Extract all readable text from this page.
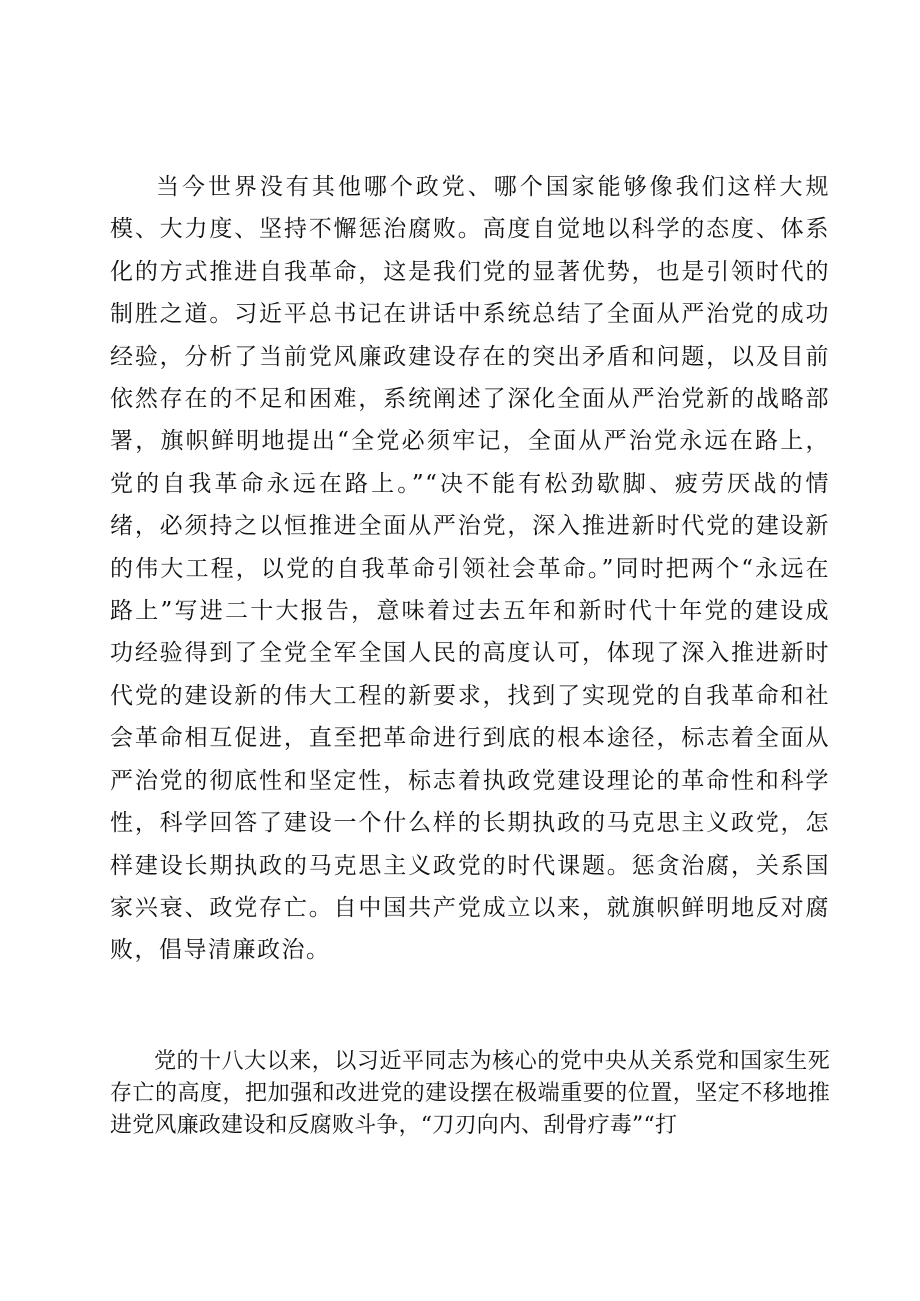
当今世界没有其他哪个政党、哪个国家能够像我们这样大规模、大力度、坚持不懈惩治腐败。高度自觉地以科学的态度、体系化的方式推进自我革命，这是我们党的显著优势，也是引领时代的制胜之道。习近平总书记在讲话中系统总结了全面从严治党的成功经验，分析了当前党风廉政建设存在的突出矛盾和问题，以及目前依然存在的不足和困难，系统阐述了深化全面从严治党新的战略部署，旗帜鲜明地提出“全党必须牢记，全面从严治党永远在路上，党的自我革命永远在路上。”“决不能有松劲歇脚、疲劳厌战的情绪，必须持之以恒推进全面从严治党，深入推进新时代党的建设新的伟大工程，以党的自我革命引领社会革命。”同时把两个“永远在路上”写进二十大报告，意味着过去五年和新时代十年党的建设成功经验得到了全党全军全国人民的高度认可，体现了深入推进新时代党的建设新的伟大工程的新要求，找到了实现党的自我革命和社会革命相互促进，直至把革命进行到底的根本途径，标志着全面从严治党的彻底性和坚定性，标志着执政党建设理论的革命性和科学性，科学回答了建设一个什么样的长期执政的马克思主义政党，怎样建设长期执政的马克思主义政党的时代课题。惩贪治腐，关系国家兴衰、政党存亡。自中国共产党成立以来，就旗帜鲜明地反对腐败，倡导清廉政治。

党的十八大以来，以习近平同志为核心的党中央从关系党和国家生死存亡的高度，把加强和改进党的建设摆在极端重要的位置，坚定不移地推进党风廉政建设和反腐败斗争，“刀刃向内、刮骨疗毒”“打
